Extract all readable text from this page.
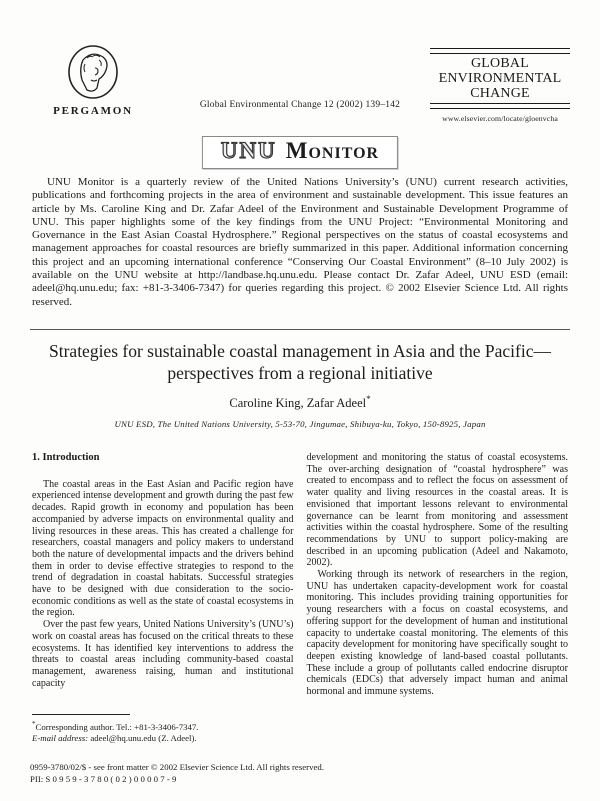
PERGAMON	Global Environmental Change 12 (2002) 139–142
GLOBAL
ENVIRONMENTAL
CHANGE
www.elsevier.com/locate/gloenvcha
UNU Monitor
UNU Monitor is a quarterly review of the United Nations University’s (UNU) current research activities, publications and forthcoming projects in the area of environment and sustainable development. This issue features an article by Ms. Caroline King and Dr. Zafar Adeel of the Environment and Sustainable Development Programme of UNU. This paper highlights some of the key findings from the UNU Project: “Environmental Monitoring and Governance in the East Asian Coastal Hydrosphere.” Regional perspectives on the status of coastal ecosystems and management approaches for coastal resources are briefly summarized in this paper. Additional information concerning this project and an upcoming international conference “Conserving Our Coastal Environment” (8–10 July 2002) is available on the UNU website at http://landbase.hq.unu.edu. Please contact Dr. Zafar Adeel, UNU ESD (email: adeel@hq.unu.edu; fax: +81-3-3406-7347) for queries regarding this project. © 2002 Elsevier Science Ltd. All rights reserved.
Strategies for sustainable coastal management in Asia and the Pacific—perspectives from a regional initiative
Caroline King, Zafar Adeel*
UNU ESD, The United Nations University, 5-53-70, Jingumae, Shibuya-ku, Tokyo, 150-8925, Japan
1. Introduction

The coastal areas in the East Asian and Pacific region have experienced intense development and growth during the past few decades. Rapid growth in economy and population has been accompanied by adverse impacts on environmental quality and living resources in these areas. This has created a challenge for researchers, coastal managers and policy makers to understand both the nature of developmental impacts and the drivers behind them in order to devise effective strategies to respond to the trend of degradation in coastal habitats. Successful strategies have to be designed with due consideration to the socio-economic conditions as well as the state of coastal ecosystems in the region.

Over the past few years, United Nations University’s (UNU’s) work on coastal areas has focused on the critical threats to these ecosystems. It has identified key interventions to address the threats to coastal areas including community-based coastal management, awareness raising, human and institutional capacity

development and monitoring the status of coastal ecosystems. The over-arching designation of “coastal hydrosphere” was created to encompass and to reflect the focus on assessment of water quality and living resources in the coastal areas. It is envisioned that important lessons relevant to environmental governance can be learnt from monitoring and assessment activities within the coastal hydrosphere. Some of the resulting recommendations by UNU to support policy-making are described in an upcoming publication (Adeel and Nakamoto, 2002).

Working through its network of researchers in the region, UNU has undertaken capacity-development work for coastal monitoring. This includes providing training opportunities for young researchers with a focus on coastal ecosystems, and offering support for the development of human and institutional capacity to undertake coastal monitoring. The elements of this capacity development for monitoring have specifically sought to deepen existing knowledge of land-based coastal pollutants. These include a group of pollutants called endocrine disruptor chemicals (EDCs) that adversely impact human and animal hormonal and immune systems.

*Corresponding author. Tel.: +81-3-3406-7347.
E-mail address: adeel@hq.unu.edu (Z. Adeel).
0959-3780/02/$ - see front matter © 2002 Elsevier Science Ltd. All rights reserved.
PII: S0959-3780(02)00007-9
